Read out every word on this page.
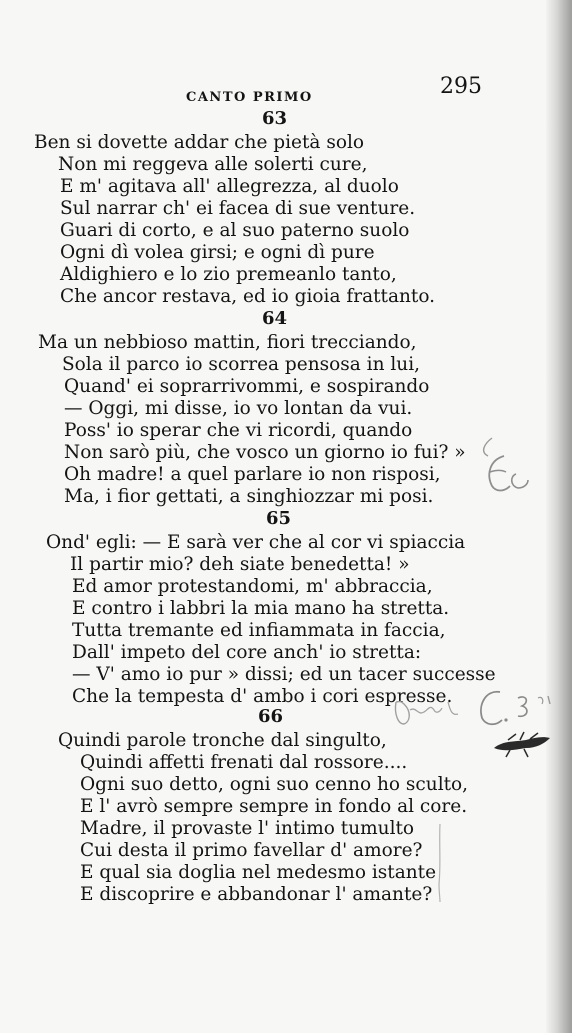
CANTO PRIMO	295
63
Ben si dovette addar che pietà solo
Non mi reggeva alle solerti cure,
E m' agitava all' allegrezza, al duolo
Sul narrar ch' ei facea di sue venture.
Guari di corto, e al suo paterno suolo
Ogni dì volea girsi; e ogni dì pure
Aldighiero e lo zio premeanlo tanto,
Che ancor restava, ed io gioia frattanto.
64
Ma un nebbioso mattin, fiori trecciando,
Sola il parco io scorrea pensosa in lui,
Quand' ei soprarrivommi, e sospirando
— Oggi, mi disse, io vo lontan da vui.
Poss' io sperar che vi ricordi, quando
Non sarò più, che vosco un giorno io fui? »
Oh madre! a quel parlare io non risposi,
Ma, i fior gettati, a singhiozzar mi posi.
65
Ond' egli: — E sarà ver che al cor vi spiaccia
Il partir mio? deh siate benedetta! »
Ed amor protestandomi, m' abbraccia,
E contro i labbri la mia mano ha stretta.
Tutta tremante ed infiammata in faccia,
Dall' impeto del core anch' io stretta:
— V' amo io pur » dissi; ed un tacer successe
Che la tempesta d' ambo i cori espresse.
66
Quindi parole tronche dal singulto,
Quindi affetti frenati dal rossore....
Ogni suo detto, ogni suo cenno ho sculto,
E l' avrò sempre sempre in fondo al core.
Madre, il provaste l' intimo tumulto
Cui desta il primo favellar d' amore?
E qual sia doglia nel medesmo istante
E discoprire e abbandonar l' amante?
